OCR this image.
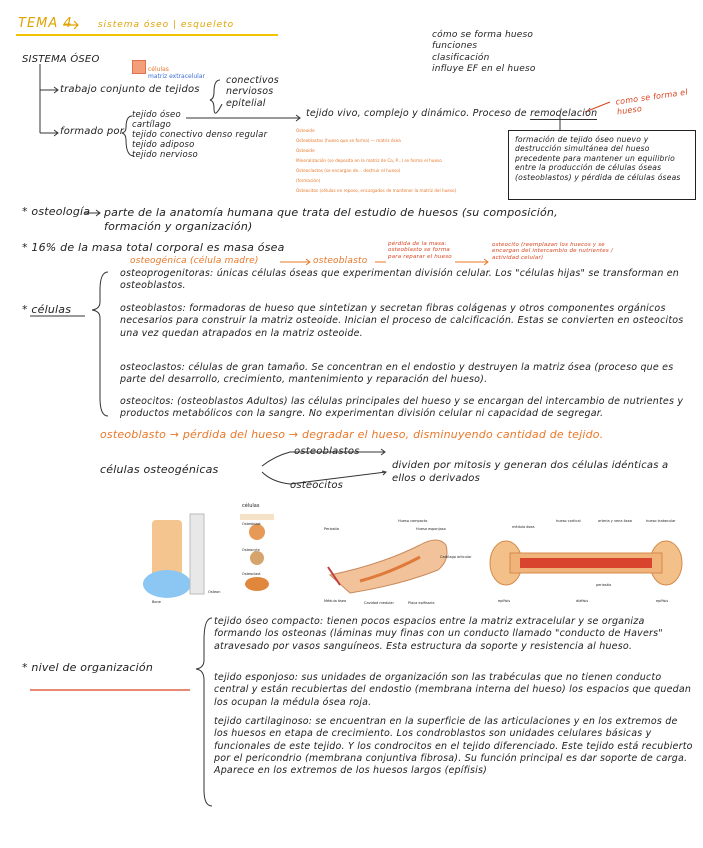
TEMA 4	sistema óseo | esqueleto
cómo se forma hueso
funciones
clasificación
influye EF en el hueso
SISTEMA ÓSEO
células
matriz extracelular
trabajo conjunto de tejidos
conectivos
nerviosos
epitelial
formado por
tejido óseo
cartílago
tejido conectivo denso regular
tejido adiposo
tejido nervioso
tejido vivo, complejo y dinámico. Proceso de remodelación
como se forma el hueso
formación de tejido óseo nuevo y destrucción simultánea del hueso precedente para mantener un equilibrio entre la producción de células óseas (osteoblastos) y pérdida de células óseas
Osteoide
Osteoblastos (hueso que se forma) — matriz ósea
Osteoide
Mineralización (se deposita en la matriz de Ca, P...) se forma el hueso
Osteoclastos (se encargan de... destruir el hueso)
(formación)
Osteocitos (células en reposo, encargados de mantener la matriz del hueso)
* osteología parte de la anatomía humana que trata del estudio de huesos (su composición, formación y organización)
* 16% de la masa total corporal es masa ósea
osteogénica (célula madre)	osteoblasto
pérdida de la masa: osteoblasto se forma para reparar el hueso
osteocito (reemplazan los huecos y se encargan del intercambio de nutrientes / actividad celular)
* células
osteoprogenitoras: únicas células óseas que experimentan división celular. Los "células hijas" se transforman en osteoblastos.
osteoblastos: formadoras de hueso que sintetizan y secretan fibras colágenas y otros componentes orgánicos necesarios para construir la matriz osteoide. Inician el proceso de calcificación. Estas se convierten en osteocitos una vez quedan atrapados en la matriz osteoide.
osteoclastos: células de gran tamaño. Se concentran en el endostio y destruyen la matriz ósea (proceso que es parte del desarrollo, crecimiento, mantenimiento y reparación del hueso).
osteocitos: (osteoblastos Adultos) las células principales del hueso y se encargan del intercambio de nutrientes y productos metabólicos con la sangre. No experimentan división celular ni capacidad de segregar.
osteoblasto → pérdida del hueso → degradar el hueso, disminuyendo cantidad de tejido.
células osteogénicas
osteoblastos
osteocitos
dividen por mitosis y generan dos células idénticas a ellos o derivados
células
Osteoblast
Osteocyte
Osteoclast
Bone
Osteon
Periostio
Hueso compacto
Hueso esponjoso
Cartílago articular
Médula ósea	Cavidad medular	Placa epifisaria
médula ósea
hueso cortical	arteria y vena ósea	hueso trabecular
periostio
epífisis	diáfisis	epífisis
* nivel de organización
tejido óseo compacto: tienen pocos espacios entre la matriz extracelular y se organiza formando los osteonas (láminas muy finas con un conducto llamado "conducto de Havers" atravesado por vasos sanguíneos. Esta estructura da soporte y resistencia al hueso.
tejido esponjoso: sus unidades de organización son las trabéculas que no tienen conducto central y están recubiertas del endostio (membrana interna del hueso) los espacios que quedan los ocupan la médula ósea roja.
tejido cartilaginoso: se encuentran en la superficie de las articulaciones y en los extremos de los huesos en etapa de crecimiento. Los condroblastos son unidades celulares básicas y funcionales de este tejido. Y los condrocitos en el tejido diferenciado. Este tejido está recubierto por el pericondrio (membrana conjuntiva fibrosa). Su función principal es dar soporte de carga. Aparece en los extremos de los huesos largos (epífisis)
